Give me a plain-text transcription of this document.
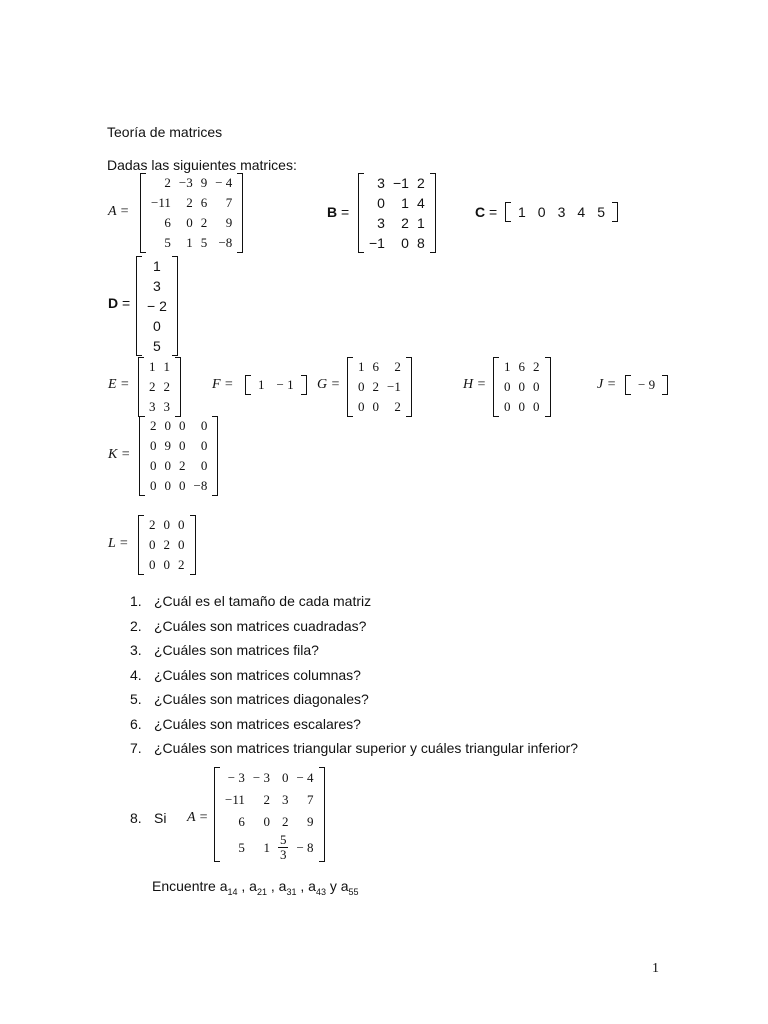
Teoría de matrices
Dadas las siguientes matrices:
A =
2	−3	9	− 4
−11	2	6	7
6	0	2	9
5	1	5	−8
B =
3	−1	2
0	1	4
3	2	1
−1	0	8
C = 1	0	3	4	5
D =
1
3
− 2
0
5
E =
1	1
2	2
3	3
F = 1	− 1 G =
1	6	2
0	2	−1
0	0	2
H =
1	6	2
0	0	0
0	0	0
J = − 9
K =
2	0	0	0
0	9	0	0
0	0	2	0
0	0	0	−8
L =
2	0	0
0	2	0
0	0	2
1. ¿Cuál es el tamaño de cada matriz
2. ¿Cuáles son matrices cuadradas?
3. ¿Cuáles son matrices fila?
4. ¿Cuáles son matrices columnas?
5. ¿Cuáles son matrices diagonales?
6. ¿Cuáles son matrices escalares?
7. ¿Cuáles son matrices triangular superior y cuáles triangular inferior?
8. Si A =
− 3	− 3	0	− 4
−11	2	3	7
6	0	2	9
5	1	$\frac{5}{3}$	− 8
Encuentre $a_{14}$ , $a_{21}$ , $a_{31}$ , $a_{43}$ y $a_{55}$
1
